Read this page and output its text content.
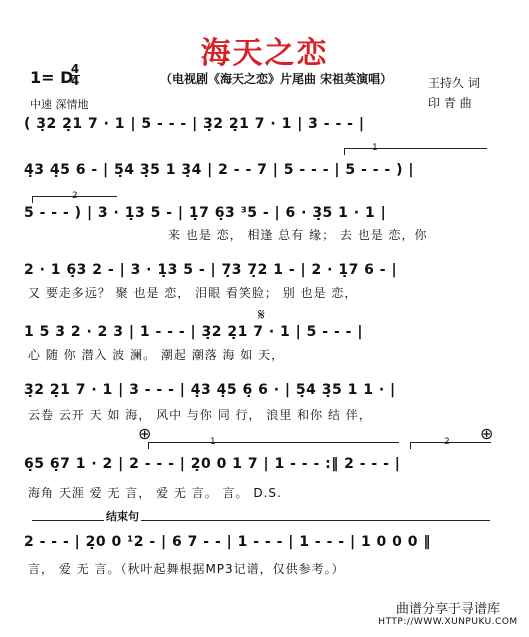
海天之恋
1= D
4
4	（电视剧《海天之恋》片尾曲 宋祖英演唱）
中速 深情地
王持久 词
印 青 曲
( 3̣2 2̣1 7 · 1 | 5 - - - | 3̣2 2̣1 7 · 1 | 3 - - - |
1
4̣3 4̣5 6 - | 5̣4 3̣5 1 3̣4 | 2 - - 7 | 5 - - - | 5 - - - ) |
2
5 - - - ) | 3 · 1̣3 5 - | 1̣7 6̣3 ³5 - | 6 · 3̣5 1 · 1 |
来 也是 恋， 相逢 总有 缘； 去 也是 恋，你
2 · 1 6̣3 2 - | 3 · 1̣3 5 - | 7̣3 7̣2 1 - | 2 · 1̣7 6 - |
又 要走多远？ 聚 也是 恋， 泪眼 看笑脸； 别 也是 恋，
𝄋
1 5 3 2 · 2 3 | 1 - - - | 3̣2 2̣1 7 · 1 | 5 - - - |
心 随 你 潜入 波 澜。 潮起 潮落 海 如 天，
3̣2 2̣1 7 · 1 | 3 - - - | 4̣3 4̣5 6̣ 6 · | 5̣4 3̣5 1 1 · |
云卷 云开 天 如 海， 风中 与你 同 行， 浪里 和你 结 伴，
⊕	⊕
1	2
6̣5 6̣7 1 · 2 | 2 - - - | 2̣0 0 1 7 | 1 - - - :‖ 2 - - - |
海角 天涯 爱 无 言， 爱 无 言。 言。 D.S.
结束句
2 - - - | 2̣0 0 ¹2 - | 6 7 - - | 1 - - - | 1 - - - | 1 0 0 0 ‖
言， 爱 无 言。（秋叶起舞根据MP3记谱，仅供参考。）
曲谱分享于寻谱库
HTTP://WWW.XUNPUKU.COM
